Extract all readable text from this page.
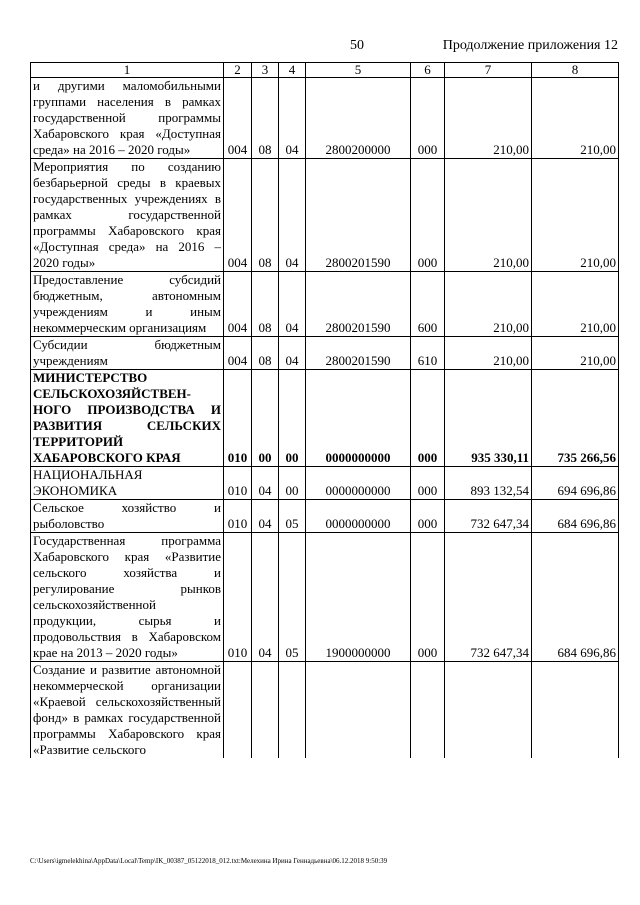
50	Продолжение приложения 12
1	2	3	4	5	6	7	8
и другими маломобильными группами населения в рамках государственной программы Хабаровского края «Доступная среда» на 2016 – 2020 годы»	004	08	04	2800200000	000	210,00	210,00
Мероприятия по созданию безбарьерной среды в краевых государственных учреждениях в рамках государственной программы Хабаровского края «Доступная среда» на 2016 – 2020 годы»	004	08	04	2800201590	000	210,00	210,00
Предоставление субсидий бюджетным, автономным учреждениям и иным некоммерческим организациям	004	08	04	2800201590	600	210,00	210,00
Субсидии бюджетным учреждениям	004	08	04	2800201590	610	210,00	210,00
МИНИСТЕРСТВО СЕЛЬСКОХОЗЯЙСТВЕН-НОГО ПРОИЗВОДСТВА И РАЗВИТИЯ СЕЛЬСКИХ ТЕРРИТОРИЙ ХАБАРОВСКОГО КРАЯ	010	00	00	0000000000	000	935 330,11	735 266,56
НАЦИОНАЛЬНАЯ ЭКОНОМИКА	010	04	00	0000000000	000	893 132,54	694 696,86
Сельское хозяйство и рыболовство	010	04	05	0000000000	000	732 647,34	684 696,86
Государственная программа Хабаровского края «Развитие сельского хозяйства и регулирование рынков сельскохозяйственной продукции, сырья и продовольствия в Хабаровском крае на 2013 – 2020 годы»	010	04	05	1900000000	000	732 647,34	684 696,86
Создание и развитие автономной некоммерческой организации «Краевой сельскохозяйственный фонд» в рамках государственной программы Хабаровского края «Развитие сельского							
C:\Users\igmelekhina\AppData\Local\Temp\IK_00387_05122018_012.txt:Мелехина Ирина Геннадьевна\06.12.2018 9:50:39
